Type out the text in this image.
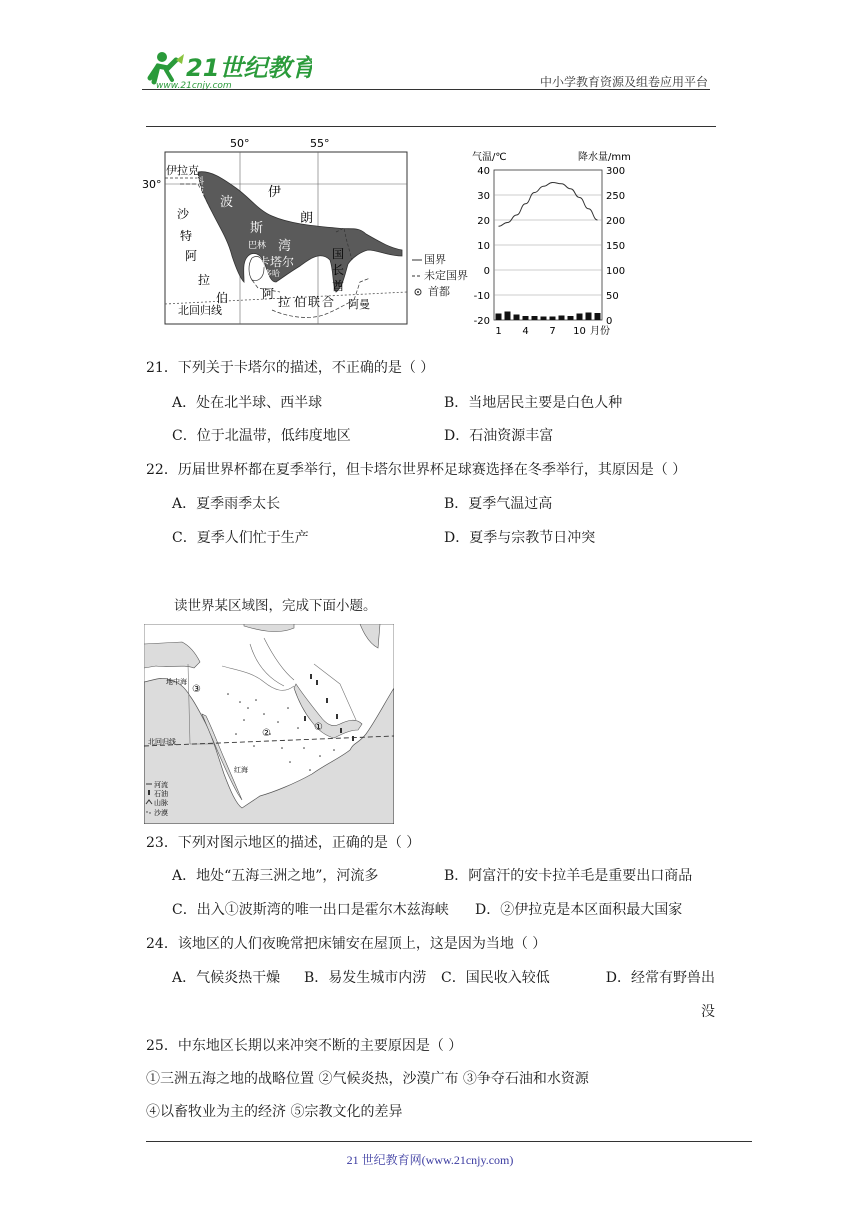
21世纪教育
www.21cnjy.com	中小学教育资源及组卷应用平台
50°	55°
30°
伊拉克
科
威
特
沙
特
阿
拉
伯
波
斯
湾
伊
朗
巴林
卡塔尔
多哈
阿
拉 伯 联 合
国
长
酋
阿曼
北回归线
国界
未定国界
首都
气温/℃	降水量/mm
40	300
30	250
20	200
10	150
0	100
-10	50
-20	0
1 4 7 10 月份
21．下列关于卡塔尔的描述，不正确的是（ ）
A．处在北半球、西半球	B．当地居民主要是白色人种
C．位于北温带，低纬度地区	D．石油资源丰富
22．历届世界杯都在夏季举行，但卡塔尔世界杯足球赛选择在冬季举行，其原因是（ ）
A．夏季雨季太长	B．夏季气温过高
C．夏季人们忙于生产	D．夏季与宗教节日冲突
读世界某区域图，完成下面小题。
地中海
③
②
①
北回归线
红海
河流
石油
山脉
沙漠
23．下列对图示地区的描述，正确的是（ ）
A．地处“五海三洲之地”，河流多	B．阿富汗的安卡拉羊毛是重要出口商品
C．出入①波斯湾的唯一出口是霍尔木兹海峡 D．②伊拉克是本区面积最大国家
24．该地区的人们夜晚常把床铺安在屋顶上，这是因为当地（ ）
A．气候炎热干燥 B．易发生城市内涝 C．国民收入较低	D．经常有野兽出没
25．中东地区长期以来冲突不断的主要原因是（ ）
①三洲五海之地的战略位置 ②气候炎热，沙漠广布 ③争夺石油和水资源
④以畜牧业为主的经济 ⑤宗教文化的差异
21 世纪教育网(www.21cnjy.com)
